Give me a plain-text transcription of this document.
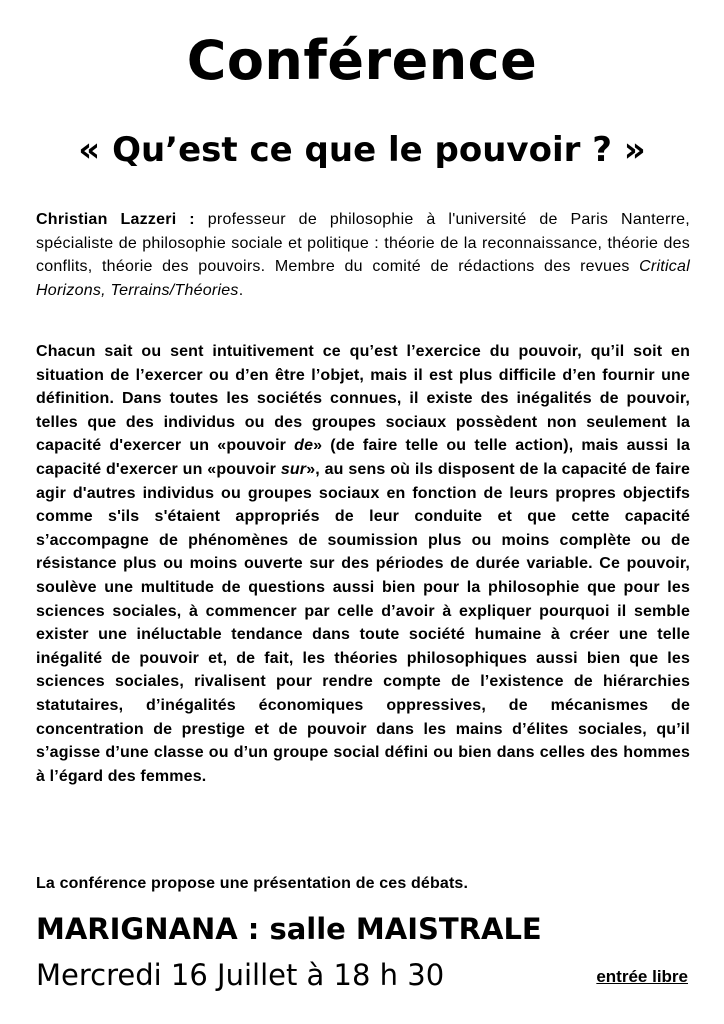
Conférence
« Qu’est ce que le pouvoir ? »
Christian Lazzeri : professeur de philosophie à l'université de Paris Nanterre, spécialiste de philosophie sociale et politique : théorie de la reconnaissance, théorie des conflits, théorie des pouvoirs. Membre du comité de rédactions des revues Critical Horizons, Terrains/Théories.
Chacun sait ou sent intuitivement ce qu’est l’exercice du pouvoir, qu’il soit en situation de l’exercer ou d’en être l’objet, mais il est plus difficile d’en fournir une définition. Dans toutes les sociétés connues, il existe des inégalités de pouvoir, telles que des individus ou des groupes sociaux possèdent non seulement la capacité d'exercer un «pouvoir de» (de faire telle ou telle action), mais aussi la capacité d'exercer un «pouvoir sur», au sens où ils disposent de la capacité de faire agir d'autres individus ou groupes sociaux en fonction de leurs propres objectifs comme s'ils s'étaient appropriés de leur conduite et que cette capacité s’accompagne de phénomènes de soumission plus ou moins complète ou de résistance plus ou moins ouverte sur des périodes de durée variable. Ce pouvoir, soulève une multitude de questions aussi bien pour la philosophie que pour les sciences sociales, à commencer par celle d’avoir à expliquer pourquoi il semble exister une inéluctable tendance dans toute société humaine à créer une telle inégalité de pouvoir et, de fait, les théories philosophiques aussi bien que les sciences sociales, rivalisent pour rendre compte de l’existence de hiérarchies statutaires, d’inégalités économiques oppressives, de mécanismes de concentration de prestige et de pouvoir dans les mains d’élites sociales, qu’il s’agisse d’une classe ou d’un groupe social défini ou bien dans celles des hommes à l’égard des femmes.
La conférence propose une présentation de ces débats.
MARIGNANA : salle MAISTRALE
Mercredi 16 Juillet à 18 h 30	entrée libre
